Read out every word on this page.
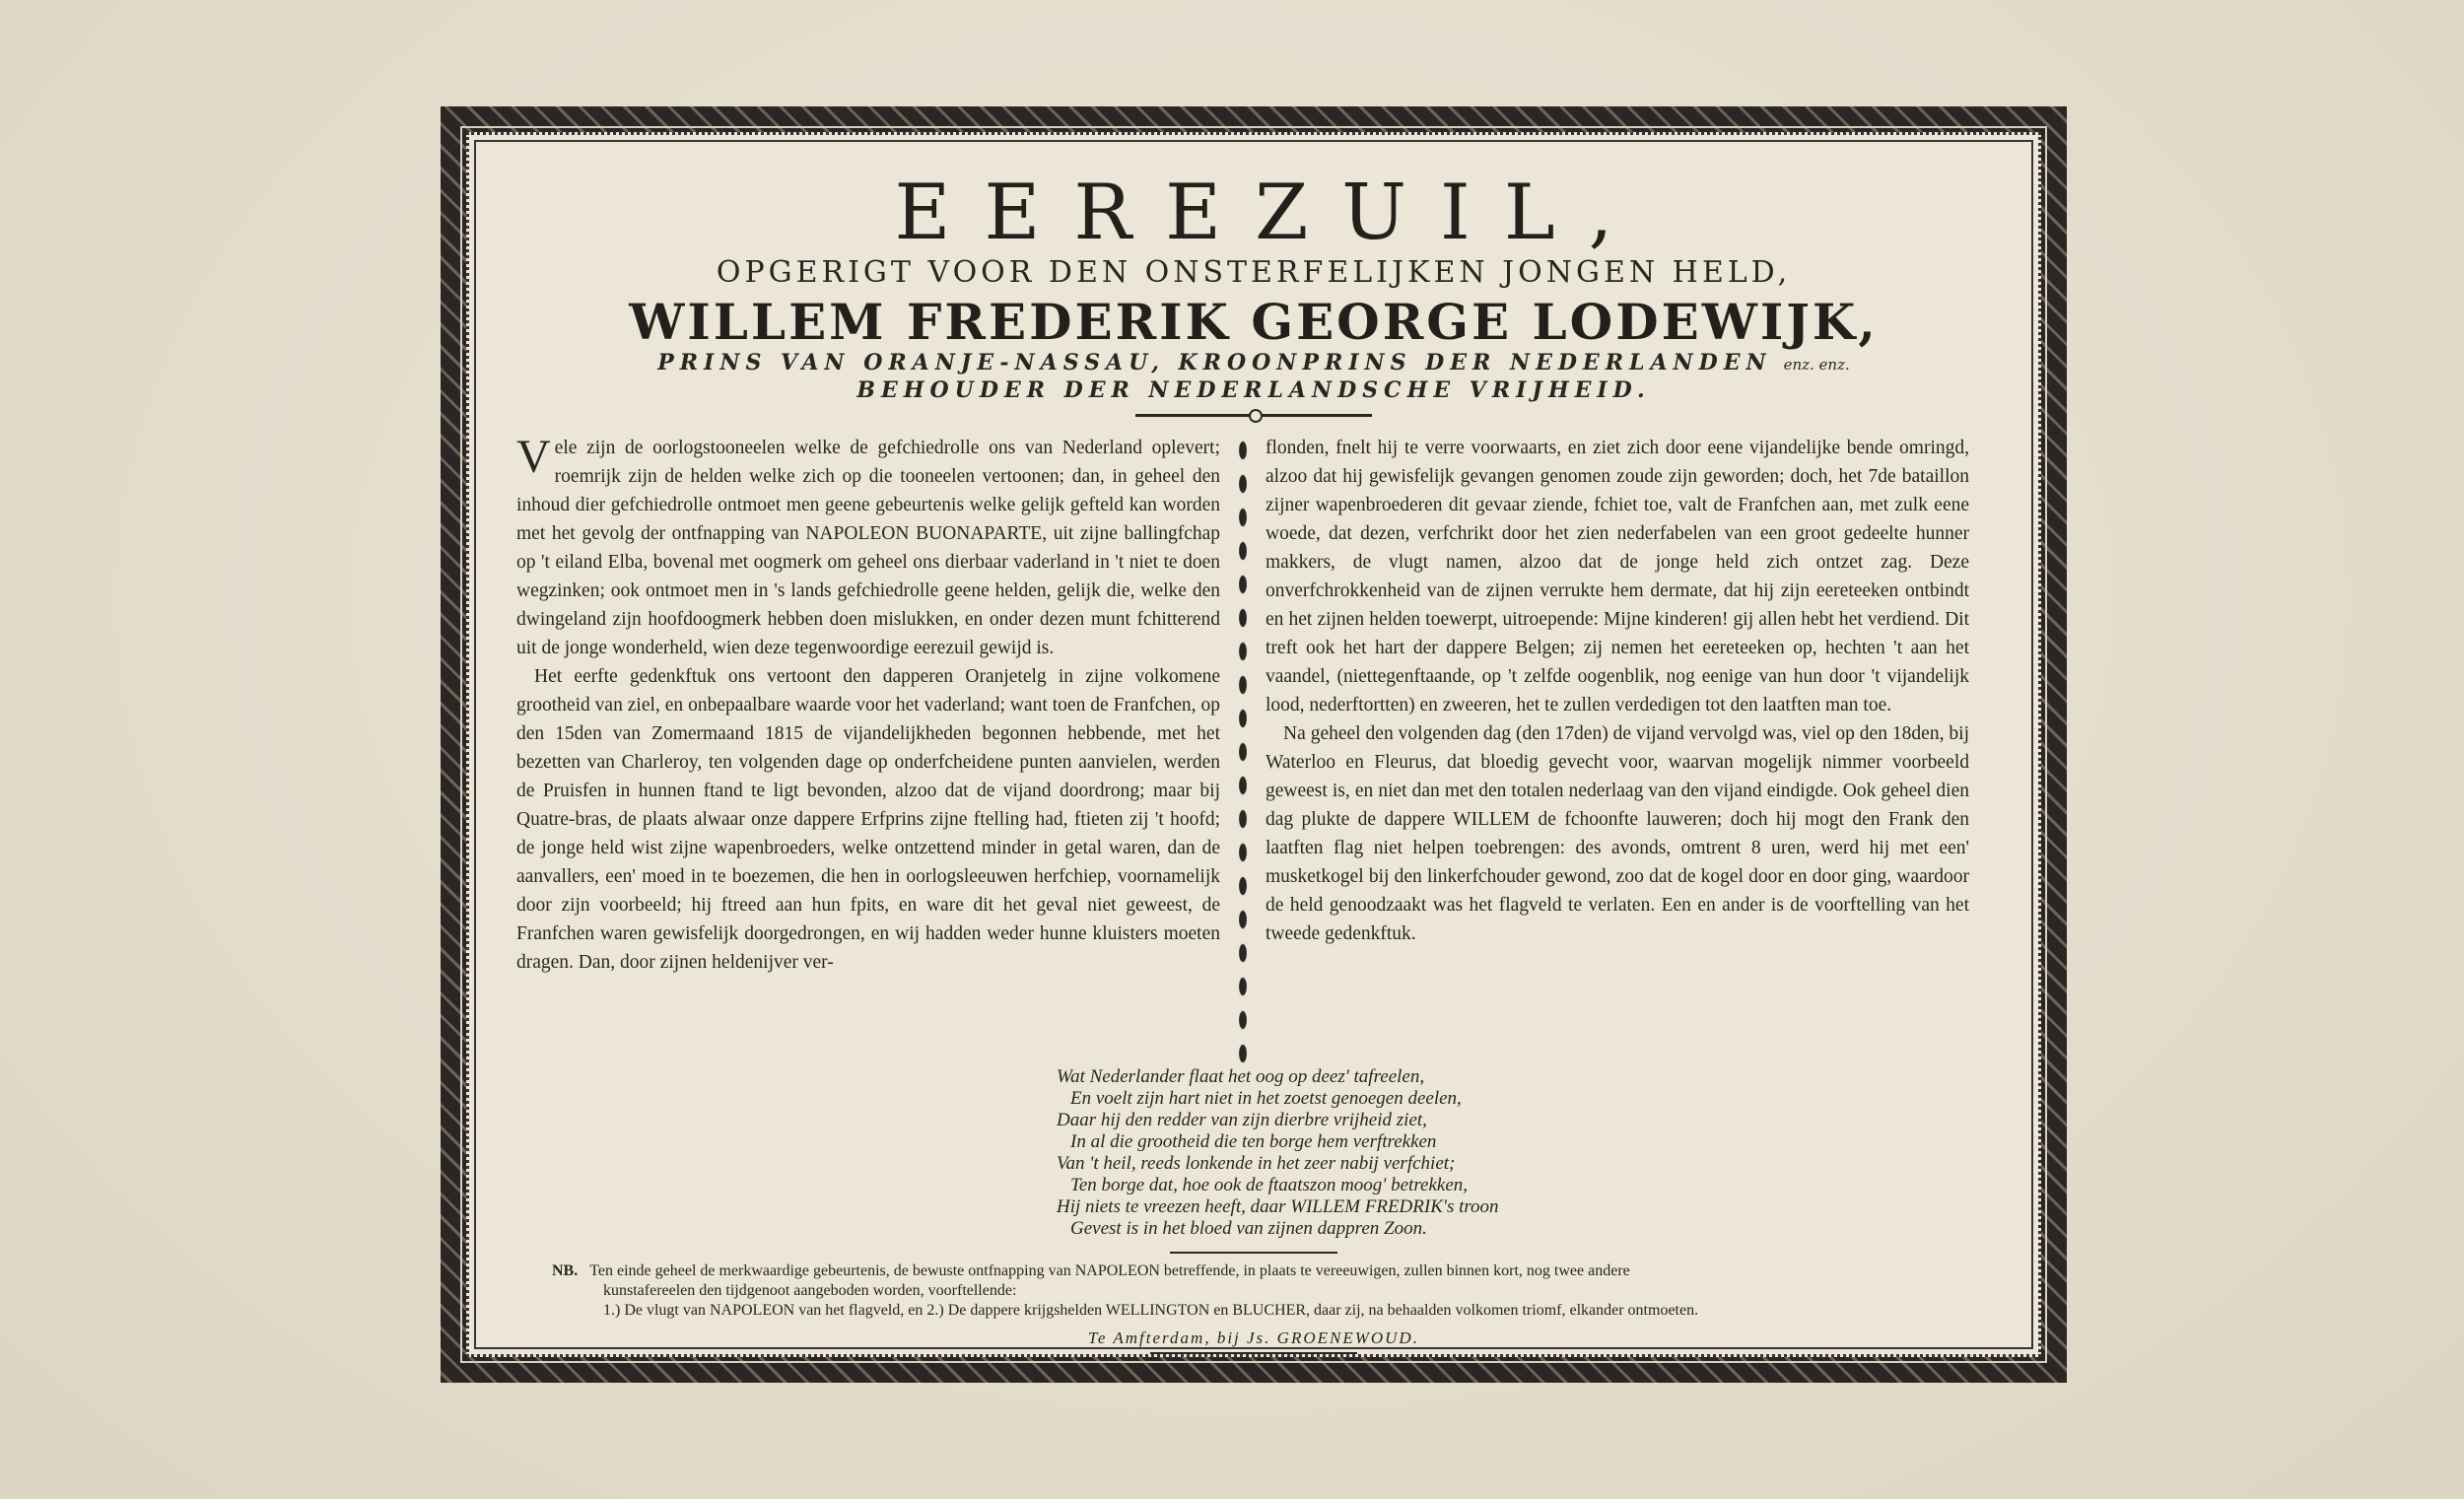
EEREZUIL,

OPGERIGT VOOR DEN ONSTERFELIJKEN JONGEN HELD,

WILLEM FREDERIK GEORGE LODEWIJK,

PRINS VAN ORANJE-NASSAU, KROONPRINS DER NEDERLANDEN enz. enz.

BEHOUDER DER NEDERLANDSCHE VRIJHEID.

Vele zijn de oorlogstooneelen welke de gefchiedrolle ons van Nederland oplevert; roemrijk zijn de helden welke zich op die tooneelen vertoonen; dan, in geheel den inhoud dier gefchiedrolle ontmoet men geene gebeurtenis welke gelijk gefteld kan worden met het gevolg der ontfnapping van NAPOLEON BUONAPARTE, uit zijne ballingfchap op 't eiland Elba, bovenal met oogmerk om geheel ons dierbaar vaderland in 't niet te doen wegzinken; ook ontmoet men in 's lands gefchiedrolle geene helden, gelijk die, welke den dwingeland zijn hoofdoogmerk hebben doen mislukken, en onder dezen munt fchitterend uit de jonge wonderheld, wien deze tegenwoordige eerezuil gewijd is.

Het eerfte gedenkftuk ons vertoont den dapperen Oranjetelg in zijne volkomene grootheid van ziel, en onbepaalbare waarde voor het vaderland; want toen de Franfchen, op den 15den van Zomermaand 1815 de vijandelijkheden begonnen hebbende, met het bezetten van Charleroy, ten volgenden dage op onderfcheidene punten aanvielen, werden de Pruisfen in hunnen ftand te ligt bevonden, alzoo dat de vijand doordrong; maar bij Quatre-bras, de plaats alwaar onze dappere Erfprins zijne ftelling had, ftieten zij 't hoofd; de jonge held wist zijne wapenbroeders, welke ontzettend minder in getal waren, dan de aanvallers, een' moed in te boezemen, die hen in oorlogsleeuwen herfchiep, voornamelijk door zijn voorbeeld; hij ftreed aan hun fpits, en ware dit het geval niet geweest, de Franfchen waren gewisfelijk doorgedrongen, en wij hadden weder hunne kluisters moeten dragen. Dan, door zijnen heldenijver ver-

flonden, fnelt hij te verre voorwaarts, en ziet zich door eene vijandelijke bende omringd, alzoo dat hij gewisfelijk gevangen genomen zoude zijn geworden; doch, het 7de bataillon zijner wapenbroederen dit gevaar ziende, fchiet toe, valt de Franfchen aan, met zulk eene woede, dat dezen, verfchrikt door het zien nederfabelen van een groot gedeelte hunner makkers, de vlugt namen, alzoo dat de jonge held zich ontzet zag. Deze onverfchrokkenheid van de zijnen verrukte hem dermate, dat hij zijn eereteeken ontbindt en het zijnen helden toewerpt, uitroepende: Mijne kinderen! gij allen hebt het verdiend. Dit treft ook het hart der dappere Belgen; zij nemen het eereteeken op, hechten 't aan het vaandel, (niettegenftaande, op 't zelfde oogenblik, nog eenige van hun door 't vijandelijk lood, nederftortten) en zweeren, het te zullen verdedigen tot den laatften man toe.

Na geheel den volgenden dag (den 17den) de vijand vervolgd was, viel op den 18den, bij Waterloo en Fleurus, dat bloedig gevecht voor, waarvan mogelijk nimmer voorbeeld geweest is, en niet dan met den totalen nederlaag van den vijand eindigde. Ook geheel dien dag plukte de dappere WILLEM de fchoonfte lauweren; doch hij mogt den Frank den laatften flag niet helpen toebrengen: des avonds, omtrent 8 uren, werd hij met een' musketkogel bij den linkerfchouder gewond, zoo dat de kogel door en door ging, waardoor de held genoodzaakt was het flagveld te verlaten. Een en ander is de voorftelling van het tweede gedenkftuk.

Wat Nederlander flaat het oog op deez' tafreelen,
En voelt zijn hart niet in het zoetst genoegen deelen,
Daar hij den redder van zijn dierbre vrijheid ziet,
In al die grootheid die ten borge hem verftrekken
Van 't heil, reeds lonkende in het zeer nabij verfchiet;
Ten borge dat, hoe ook de ftaatszon moog' betrekken,
Hij niets te vreezen heeft, daar WILLEM FREDRIK's troon
Gevest is in het bloed van zijnen dappren Zoon.
NB. Ten einde geheel de merkwaardige gebeurtenis, de bewuste ontfnapping van NAPOLEON betreffende, in plaats te vereeuwigen, zullen binnen kort, nog twee andere
kunstafereelen den tijdgenoot aangeboden worden, voorftellende:
1.) De vlugt van NAPOLEON van het flagveld, en 2.) De dappere krijgshelden WELLINGTON en BLUCHER, daar zij, na behaalden volkomen triomf, elkander ontmoeten.
Te Amfterdam, bij Js. GROENEWOUD.
